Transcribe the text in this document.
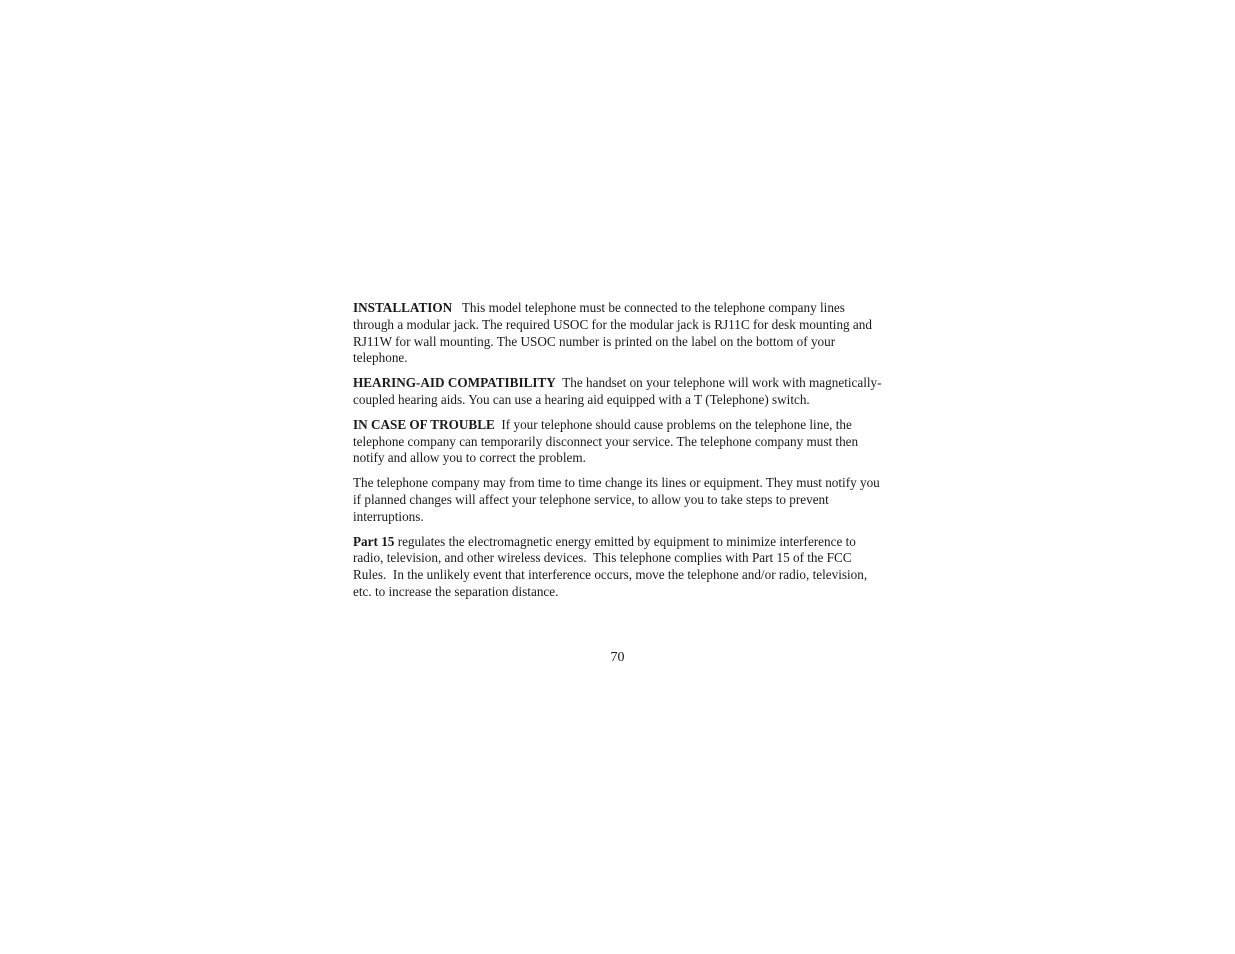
INSTALLATION   This model telephone must be connected to the telephone company lines through a modular jack. The required USOC for the modular jack is RJ11C for desk mounting and RJ11W for wall mounting. The USOC number is printed on the label on the bottom of your telephone.

HEARING-AID COMPATIBILITY  The handset on your telephone will work with magnetically-coupled hearing aids. You can use a hearing aid equipped with a T (Telephone) switch.

IN CASE OF TROUBLE  If your telephone should cause problems on the telephone line, the telephone company can temporarily disconnect your service. The telephone company must then notify and allow you to correct the problem.

The telephone company may from time to time change its lines or equipment. They must notify you if planned changes will affect your telephone service, to allow you to take steps to prevent interruptions.

Part 15 regulates the electromagnetic energy emitted by equipment to minimize interference to radio, television, and other wireless devices.  This telephone complies with Part 15 of the FCC Rules.  In the unlikely event that interference occurs, move the telephone and/or radio, television, etc. to increase the separation distance.

70
